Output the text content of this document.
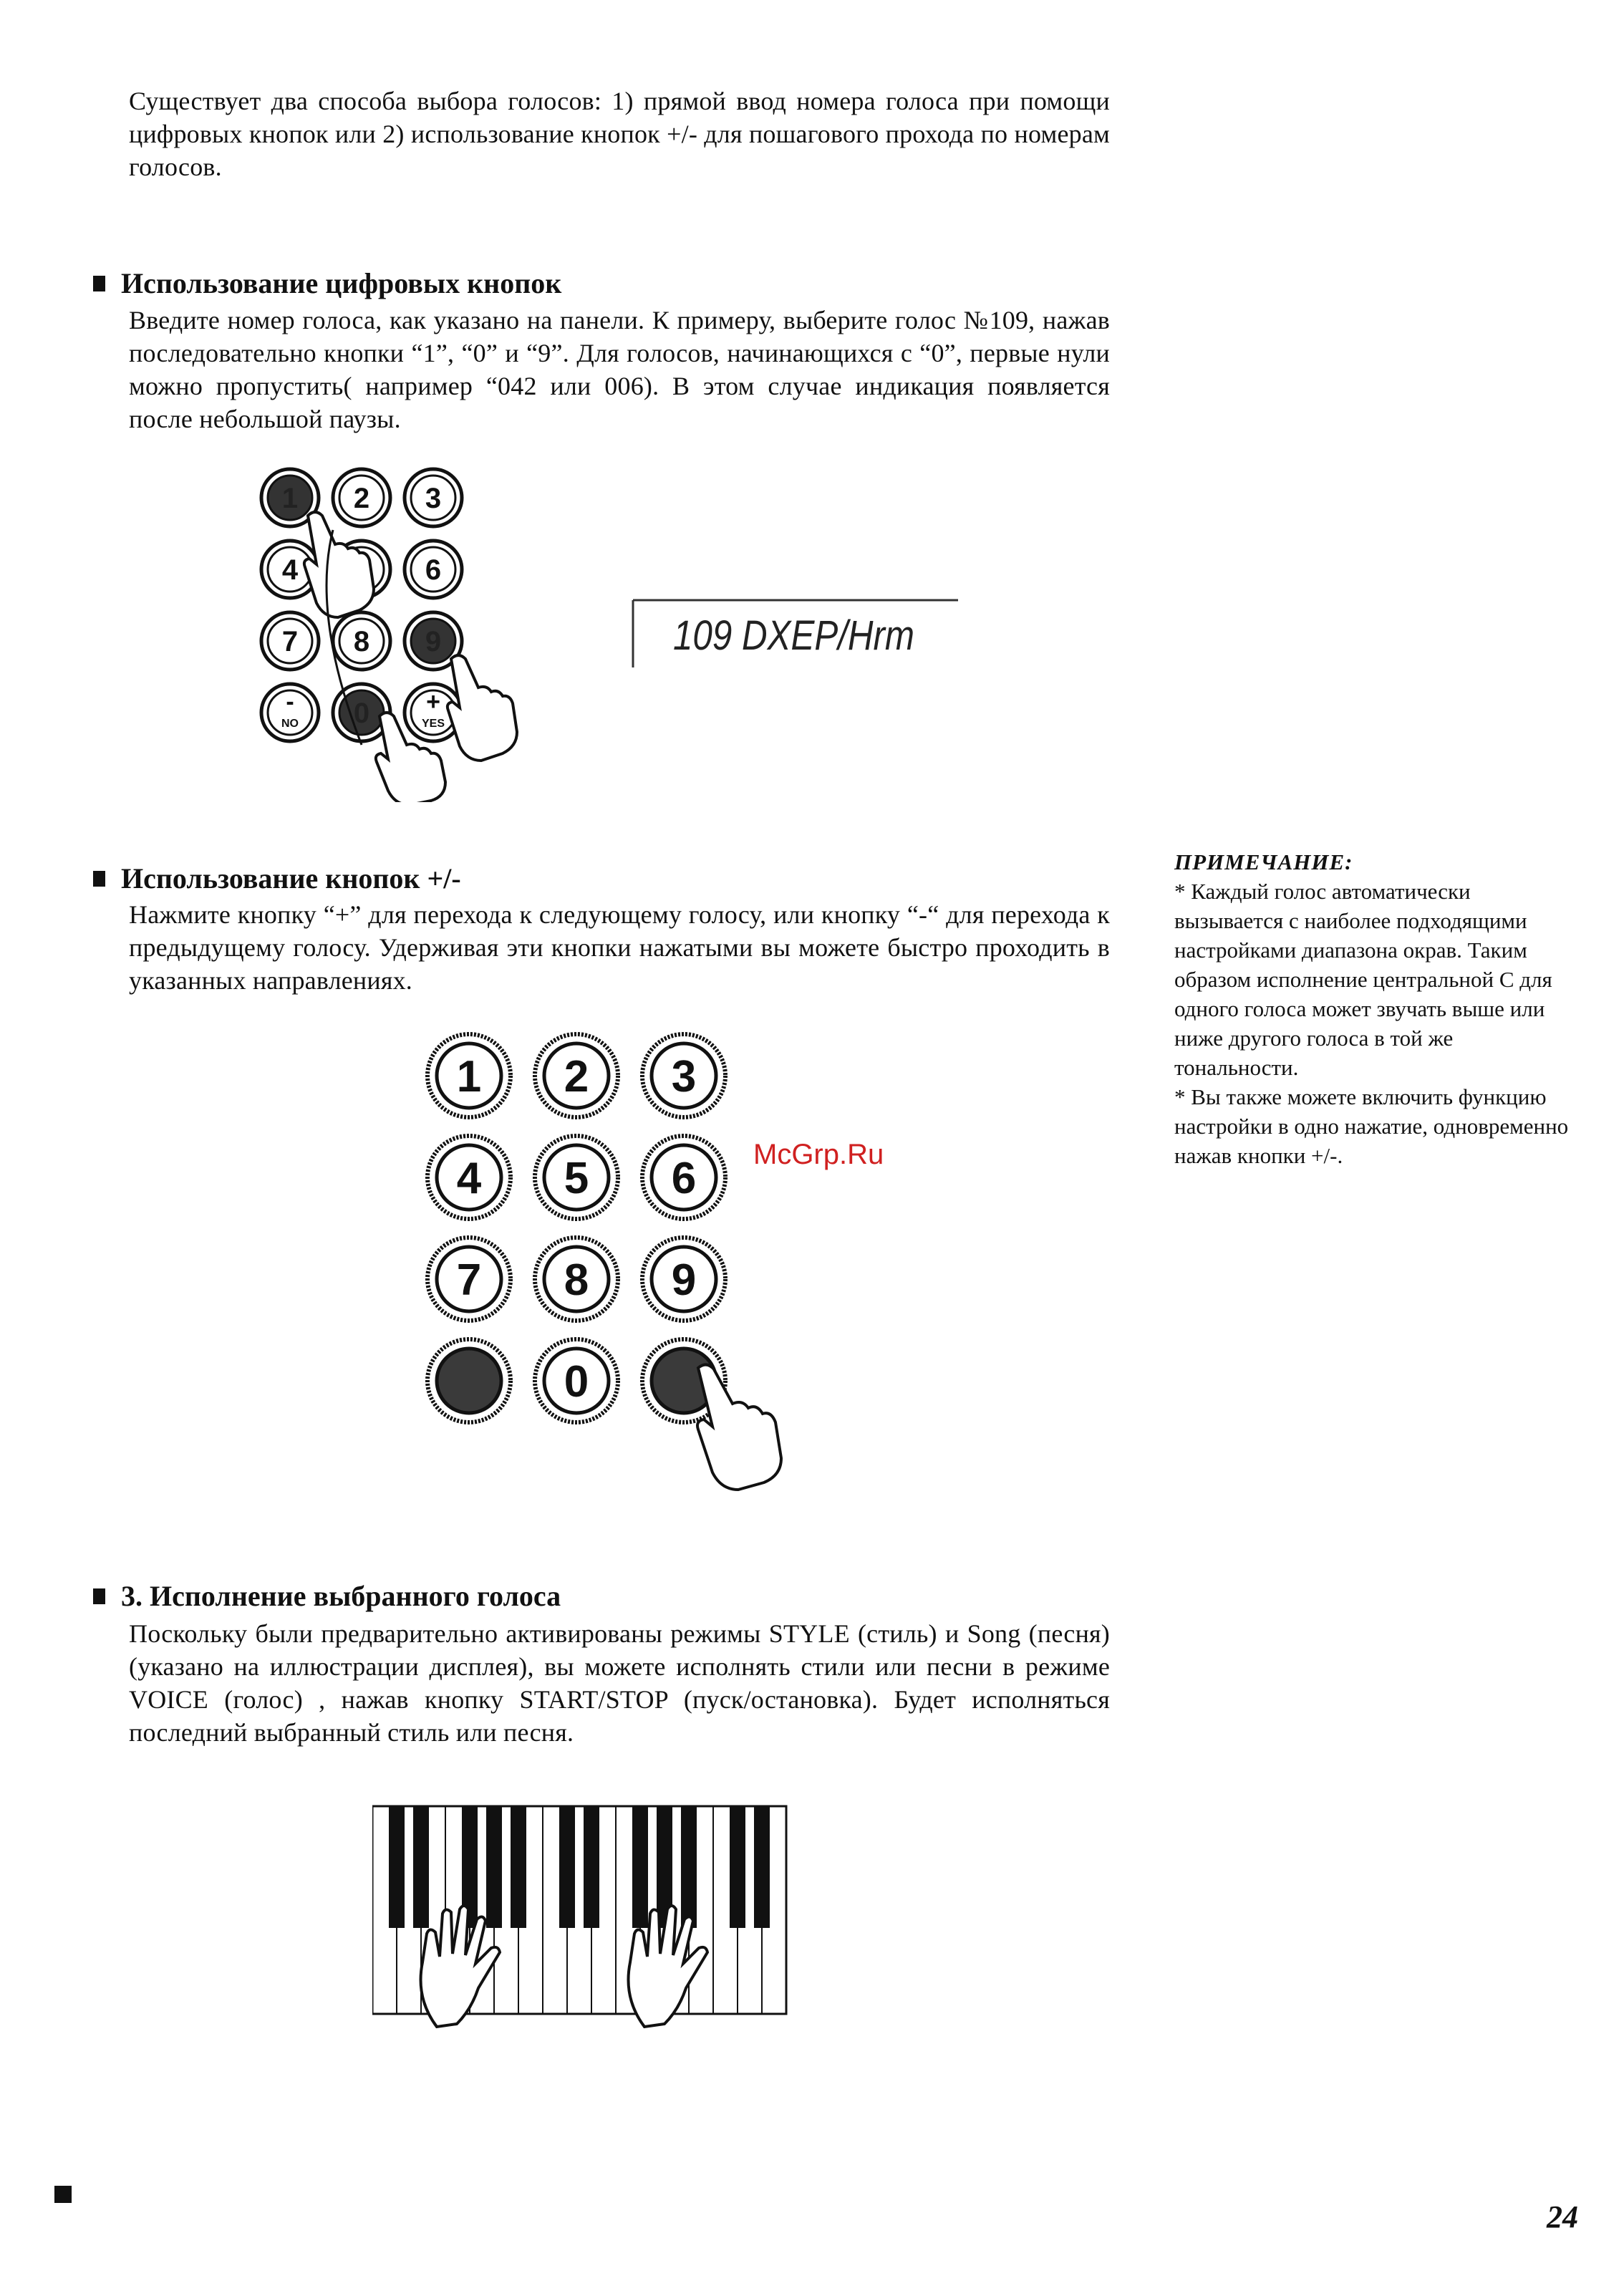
Существует два способа выбора голосов: 1) прямой ввод номера голоса при помощи цифровых кнопок или 2) использование кнопок +/- для пошагового прохода по номерам голосов.
Использование цифровых кнопок
Введите номер голоса, как указано на панели. К примеру, выберите голос №109, нажав последовательно кнопки “1”, “0” и “9”. Для голосов, начинающихся с “0”, первые нули можно пропустить( например “042 или 006). В этом случае индикация появляется после небольшой паузы.
1 2 3
4	6
7 8 9
-
NO 0 +
YES
109 DXEP/Hrm
Использование кнопок +/-
Нажмите кнопку “+” для перехода к следующему голосу, или кнопку “-“ для перехода к предыдущему голосу. Удерживая эти кнопки нажатыми вы можете быстро проходить в указанных направлениях.
1 2 3
4 5 6
7 8 9
0
ПРИМЕЧАНИЕ:
* Каждый голос автоматически вызывается с наиболее подходящими настройками диапазона окрав. Таким образом исполнение центральной С для одного голоса может звучать выше или ниже другого голоса в той же тональности.
* Вы также можете включить функцию настройки в одно нажатие, одновременно нажав кнопки +/-.
McGrp.Ru
3. Исполнение выбранного голоса
Поскольку были предварительно активированы режимы STYLE (стиль) и Song (песня) (указано на иллюстрации дисплея), вы можете исполнять стили или песни в режиме VOICE (голос) , нажав кнопку START/STOP (пуск/остановка). Будет исполняться последний выбранный стиль или песня.
24
